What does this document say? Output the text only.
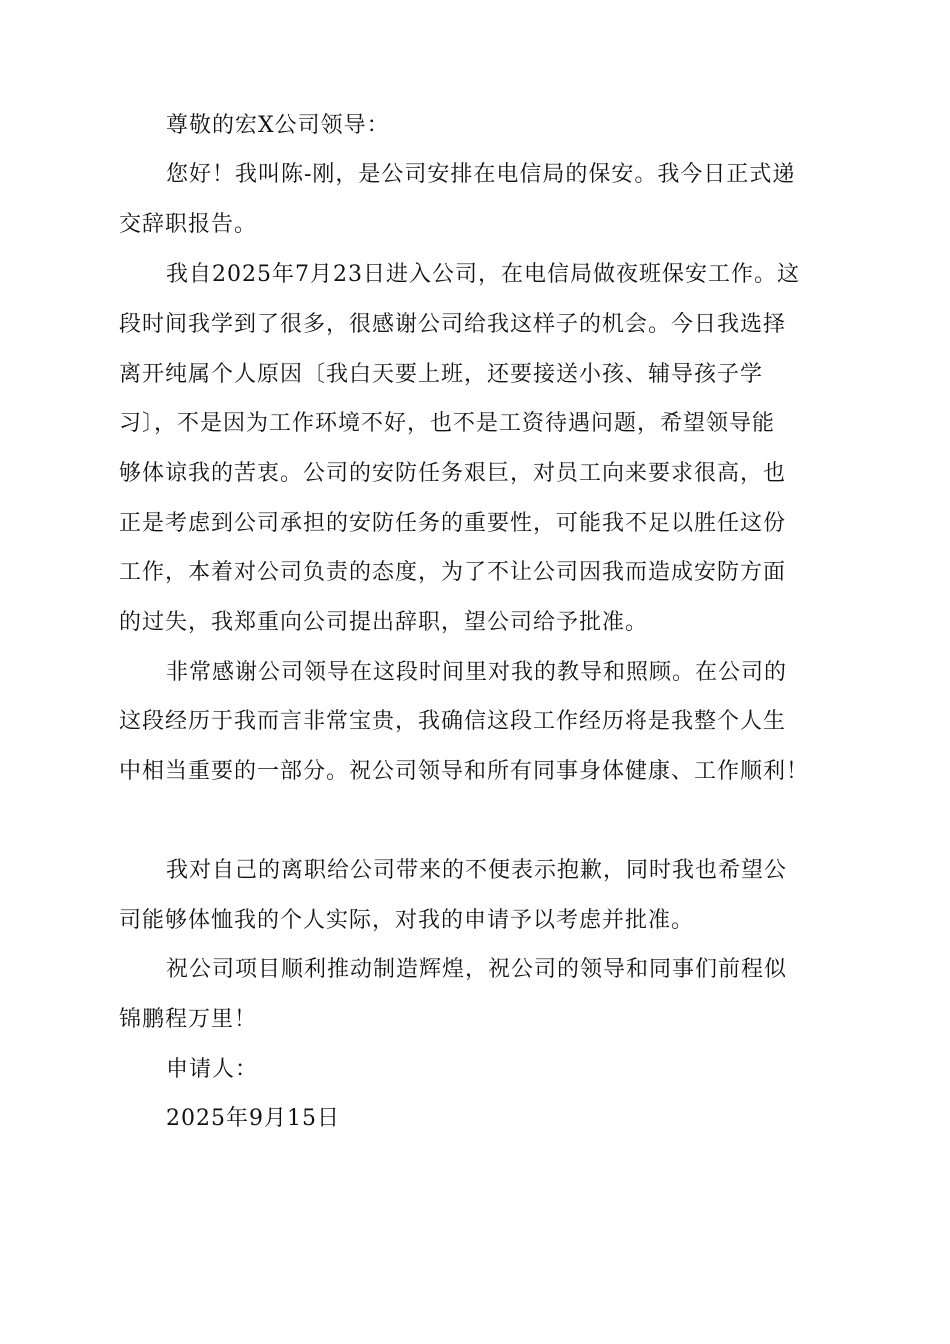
尊敬的宏X公司领导：

您好！我叫陈-刚，是公司安排在电信局的保安。我今日正式递

交辞职报告。

我自2025年7月23日进入公司，在电信局做夜班保安工作。这

段时间我学到了很多，很感谢公司给我这样子的机会。今日我选择

离开纯属个人原因〔我白天要上班，还要接送小孩、辅导孩子学

习〕，不是因为工作环境不好，也不是工资待遇问题，希望领导能

够体谅我的苦衷。公司的安防任务艰巨，对员工向来要求很高，也

正是考虑到公司承担的安防任务的重要性，可能我不足以胜任这份

工作，本着对公司负责的态度，为了不让公司因我而造成安防方面

的过失，我郑重向公司提出辞职，望公司给予批准。

非常感谢公司领导在这段时间里对我的教导和照顾。在公司的

这段经历于我而言非常宝贵，我确信这段工作经历将是我整个人生

中相当重要的一部分。祝公司领导和所有同事身体健康、工作顺利！

我对自己的离职给公司带来的不便表示抱歉，同时我也希望公

司能够体恤我的个人实际，对我的申请予以考虑并批准。

祝公司项目顺利推动制造辉煌，祝公司的领导和同事们前程似

锦鹏程万里！

申请人：

2025年9月15日
